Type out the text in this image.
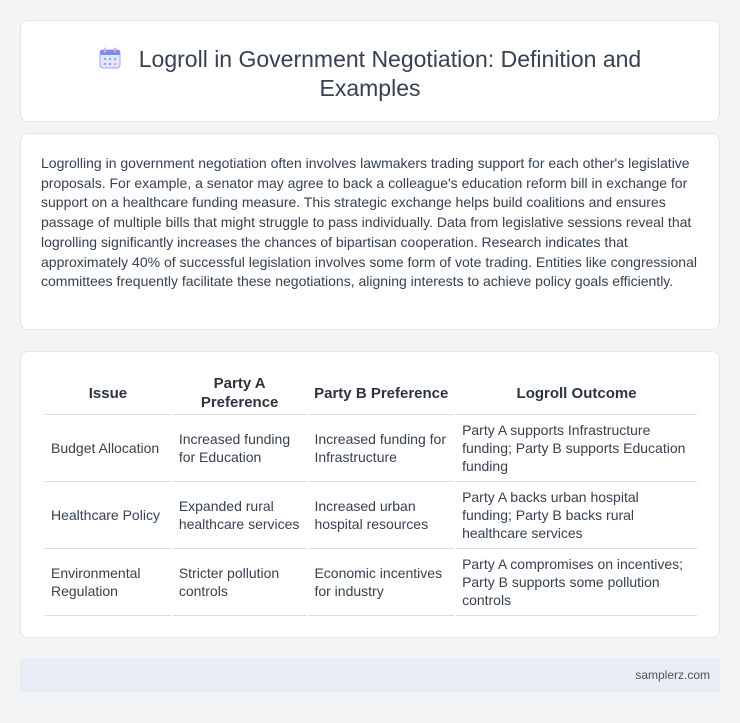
Logroll in Government Negotiation: Definition and Examples

Logrolling in government negotiation often involves lawmakers trading support for each other's legislative proposals. For example, a senator may agree to back a colleague's education reform bill in exchange for support on a healthcare funding measure. This strategic exchange helps build coalitions and ensures passage of multiple bills that might struggle to pass individually. Data from legislative sessions reveal that logrolling significantly increases the chances of bipartisan cooperation. Research indicates that approximately 40% of successful legislation involves some form of vote trading. Entities like congressional committees frequently facilitate these negotiations, aligning interests to achieve policy goals efficiently.

Issue	Party A Preference	Party B Preference	Logroll Outcome
Budget Allocation	Increased funding for Education	Increased funding for Infrastructure	Party A supports Infrastructure funding; Party B supports Education funding
Healthcare Policy	Expanded rural healthcare services	Increased urban hospital resources	Party A backs urban hospital funding; Party B backs rural healthcare services
Environmental Regulation	Stricter pollution controls	Economic incentives for industry	Party A compromises on incentives; Party B supports some pollution controls
samplerz.com
